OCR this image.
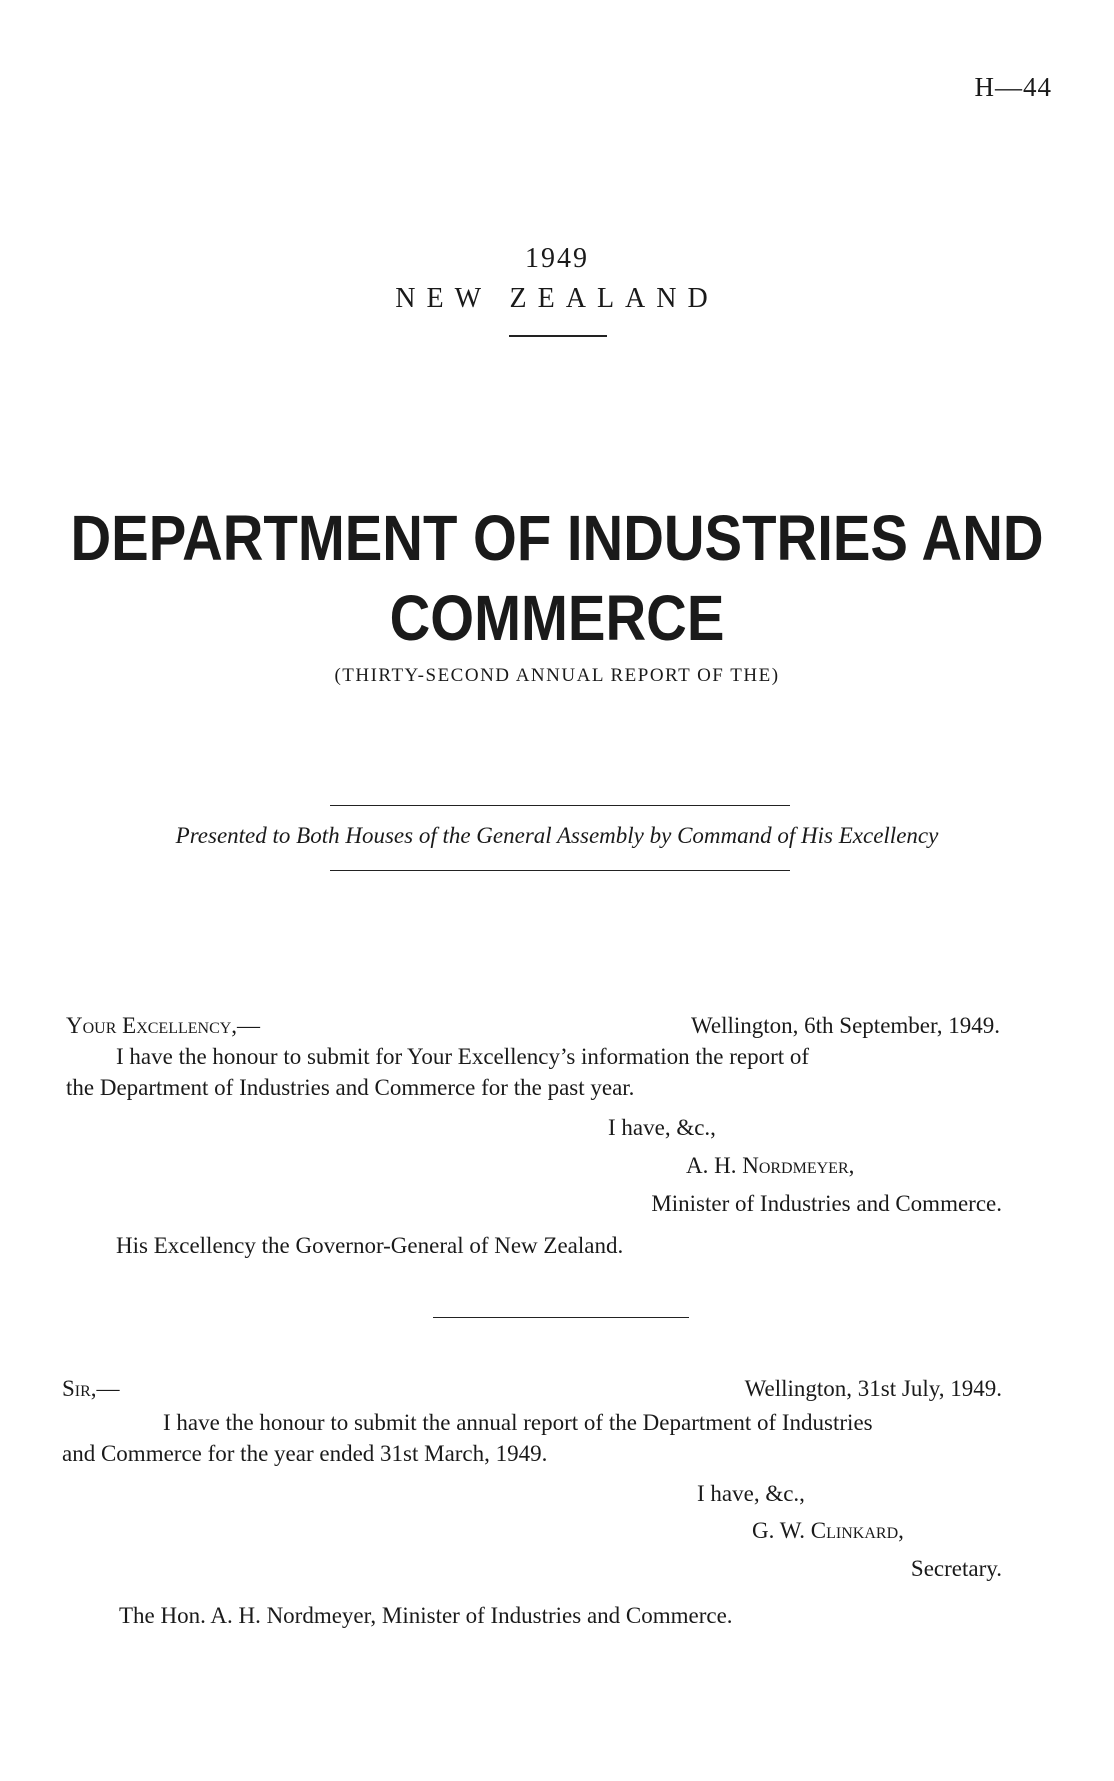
H—44
1949
NEW ZEALAND
DEPARTMENT OF INDUSTRIES AND
COMMERCE
(THIRTY-SECOND ANNUAL REPORT OF THE)
Presented to Both Houses of the General Assembly by Command of His Excellency
Your Excellency,—	Wellington, 6th September, 1949.
I have the honour to submit for Your Excellency’s information the report of
the Department of Industries and Commerce for the past year.
I have, &c.,
A. H. Nordmeyer,
Minister of Industries and Commerce.
His Excellency the Governor-General of New Zealand.
Sir,—	Wellington, 31st July, 1949.
I have the honour to submit the annual report of the Department of Industries
and Commerce for the year ended 31st March, 1949.
I have, &c.,
G. W. Clinkard,
Secretary.
The Hon. A. H. Nordmeyer, Minister of Industries and Commerce.
